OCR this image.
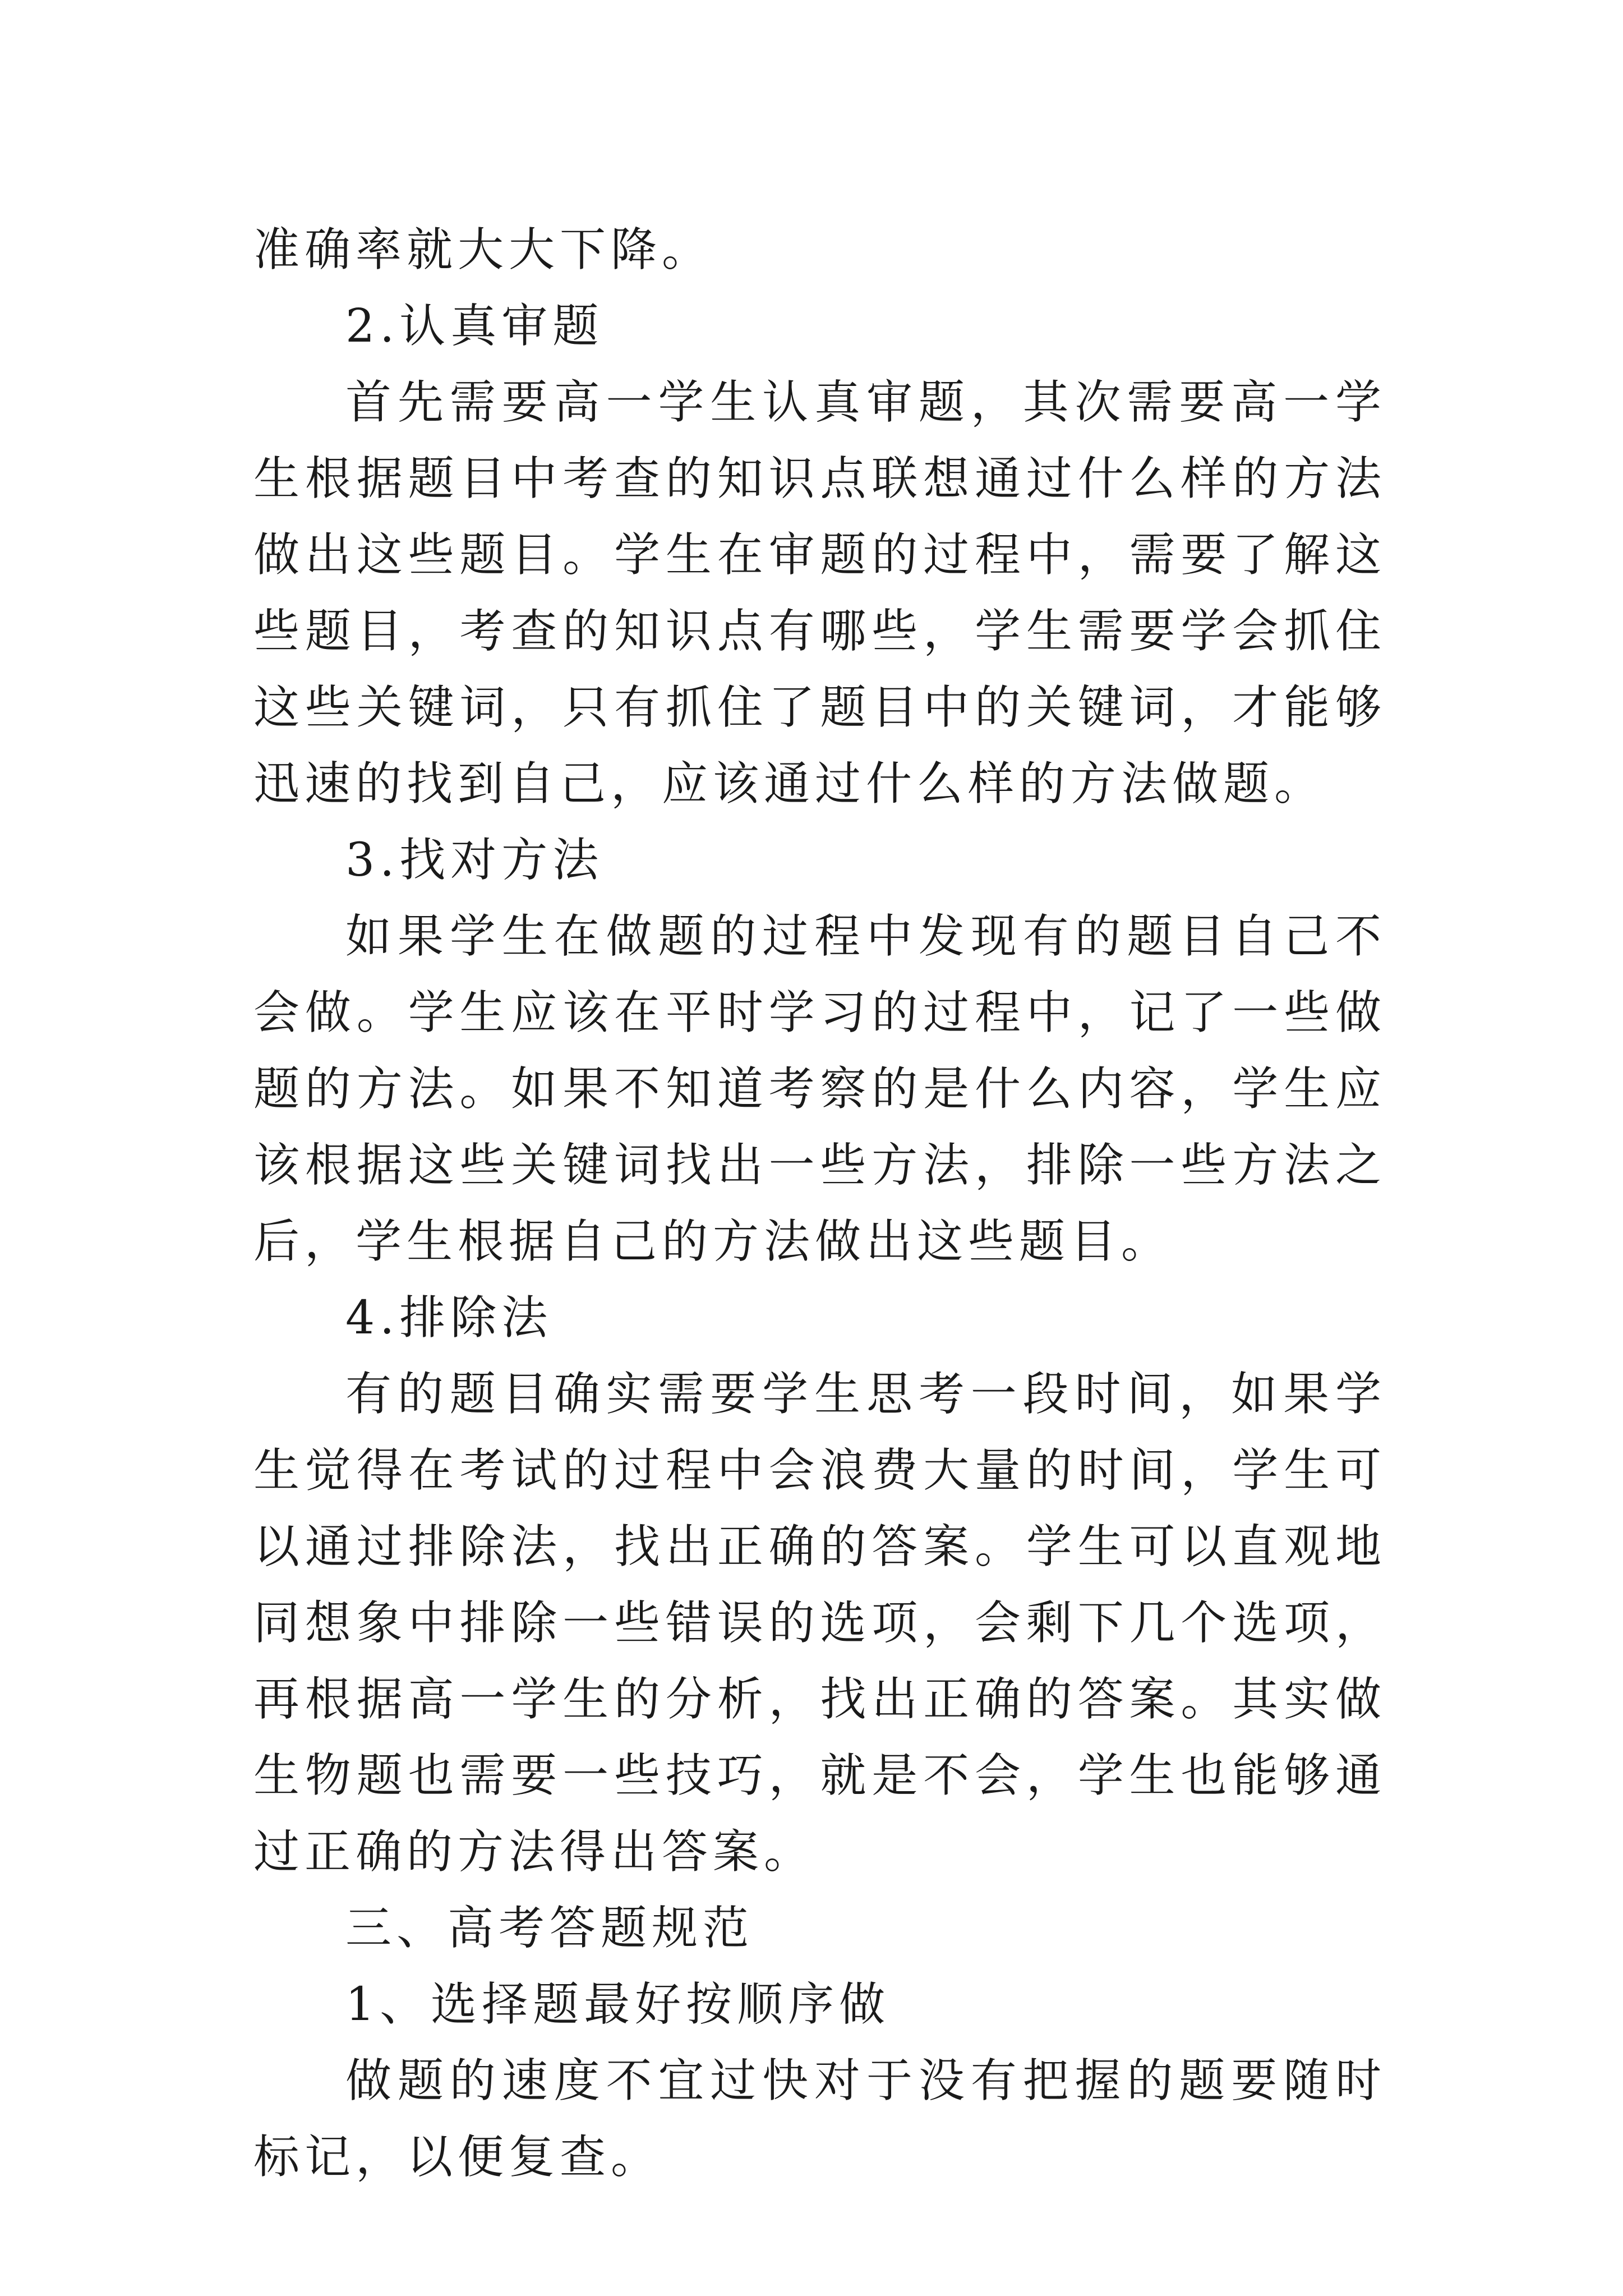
准确率就大大下降。

2.认真审题

首先需要高一学生认真审题，其次需要高一学生根据题目中考查的知识点联想通过什么样的方法做出这些题目。学生在审题的过程中，需要了解这些题目，考查的知识点有哪些，学生需要学会抓住这些关键词，只有抓住了题目中的关键词，才能够迅速的找到自己，应该通过什么样的方法做题。

3.找对方法

如果学生在做题的过程中发现有的题目自己不会做。学生应该在平时学习的过程中，记了一些做题的方法。如果不知道考察的是什么内容，学生应该根据这些关键词找出一些方法，排除一些方法之后，学生根据自己的方法做出这些题目。

4.排除法

有的题目确实需要学生思考一段时间，如果学生觉得在考试的过程中会浪费大量的时间，学生可以通过排除法，找出正确的答案。学生可以直观地同想象中排除一些错误的选项，会剩下几个选项，再根据高一学生的分析，找出正确的答案。其实做生物题也需要一些技巧，就是不会，学生也能够通过正确的方法得出答案。

三、高考答题规范

1、选择题最好按顺序做

做题的速度不宜过快对于没有把握的题要随时标记，以便复查。
